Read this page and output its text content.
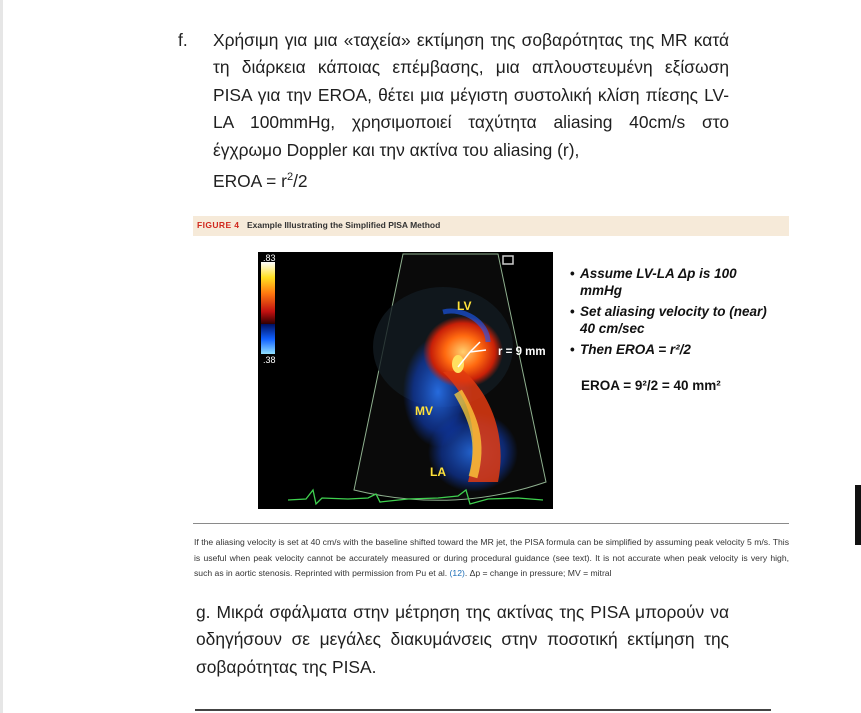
f. Χρήσιμη για μια «ταχεία» εκτίμηση της σοβαρότητας της MR κατά τη διάρκεια κάποιας επέμβασης, μια απλουστευμένη εξίσωση PISA για την EROA, θέτει μια μέγιστη συστολική κλίση πίεσης LV-LA 100mmHg, χρησιμοποιεί ταχύτητα aliasing 40cm/s στο έγχρωμο Doppler και την ακτίνα του aliasing (r),
EROA = $r^2/2$
FIGURE 4 Example Illustrating the Simplified PISA Method
.83
.38
LV
MV
LA
r = 9 mm
• Assume LV-LA Δp is 100 mmHg
• Set aliasing velocity to (near) 40 cm/sec
• Then EROA = r²/2
EROA = 9²/2 = 40 mm²
If the aliasing velocity is set at 40 cm/s with the baseline shifted toward the MR jet, the PISA formula can be simplified by assuming peak velocity 5 m/s. This is useful when peak velocity cannot be accurately measured or during procedural guidance (see text). It is not accurate when peak velocity is very high, such as in aortic stenosis. Reprinted with permission from Pu et al. (12). Δp = change in pressure; MV = mitral
g. Μικρά σφάλματα στην μέτρηση της ακτίνας της PISA μπορούν να οδηγήσουν σε μεγάλες διακυμάνσεις στην ποσοτική εκτίμηση της σοβαρότητας της PISA.
